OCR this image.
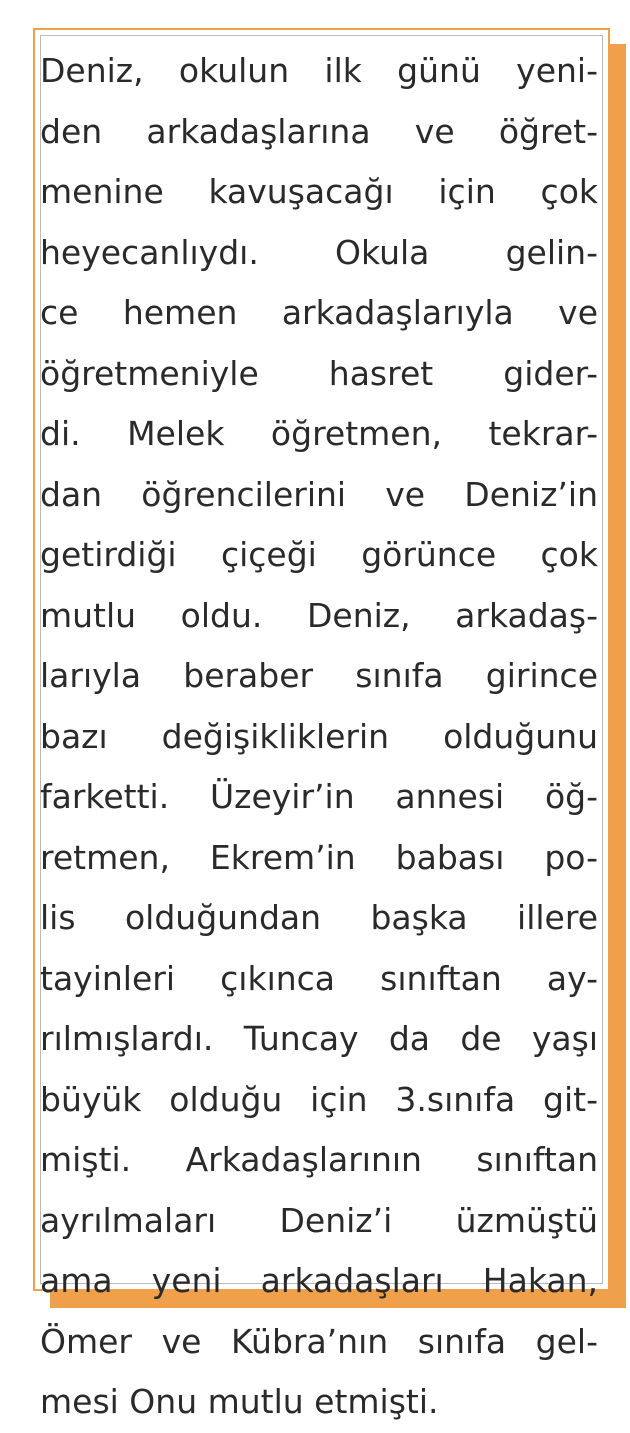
Deniz, okulun ilk günü yeni-
den arkadaşlarına ve öğret-
menine kavuşacağı için çok
heyecanlıydı. Okula gelin-
ce hemen arkadaşlarıyla ve
öğretmeniyle hasret gider-
di. Melek öğretmen, tekrar-
dan öğrencilerini ve Deniz’in
getirdiği çiçeği görünce çok
mutlu oldu. Deniz, arkadaş-
larıyla beraber sınıfa girince
bazı değişikliklerin olduğunu
farketti. Üzeyir’in annesi öğ-
retmen, Ekrem’in babası po-
lis olduğundan başka illere
tayinleri çıkınca sınıftan ay-
rılmışlardı. Tuncay da de yaşı
büyük olduğu için 3.sınıfa git-
mişti. Arkadaşlarının sınıftan
ayrılmaları Deniz’i üzmüştü
ama yeni arkadaşları Hakan,
Ömer ve Kübra’nın sınıfa gel-
mesi Onu mutlu etmişti.
